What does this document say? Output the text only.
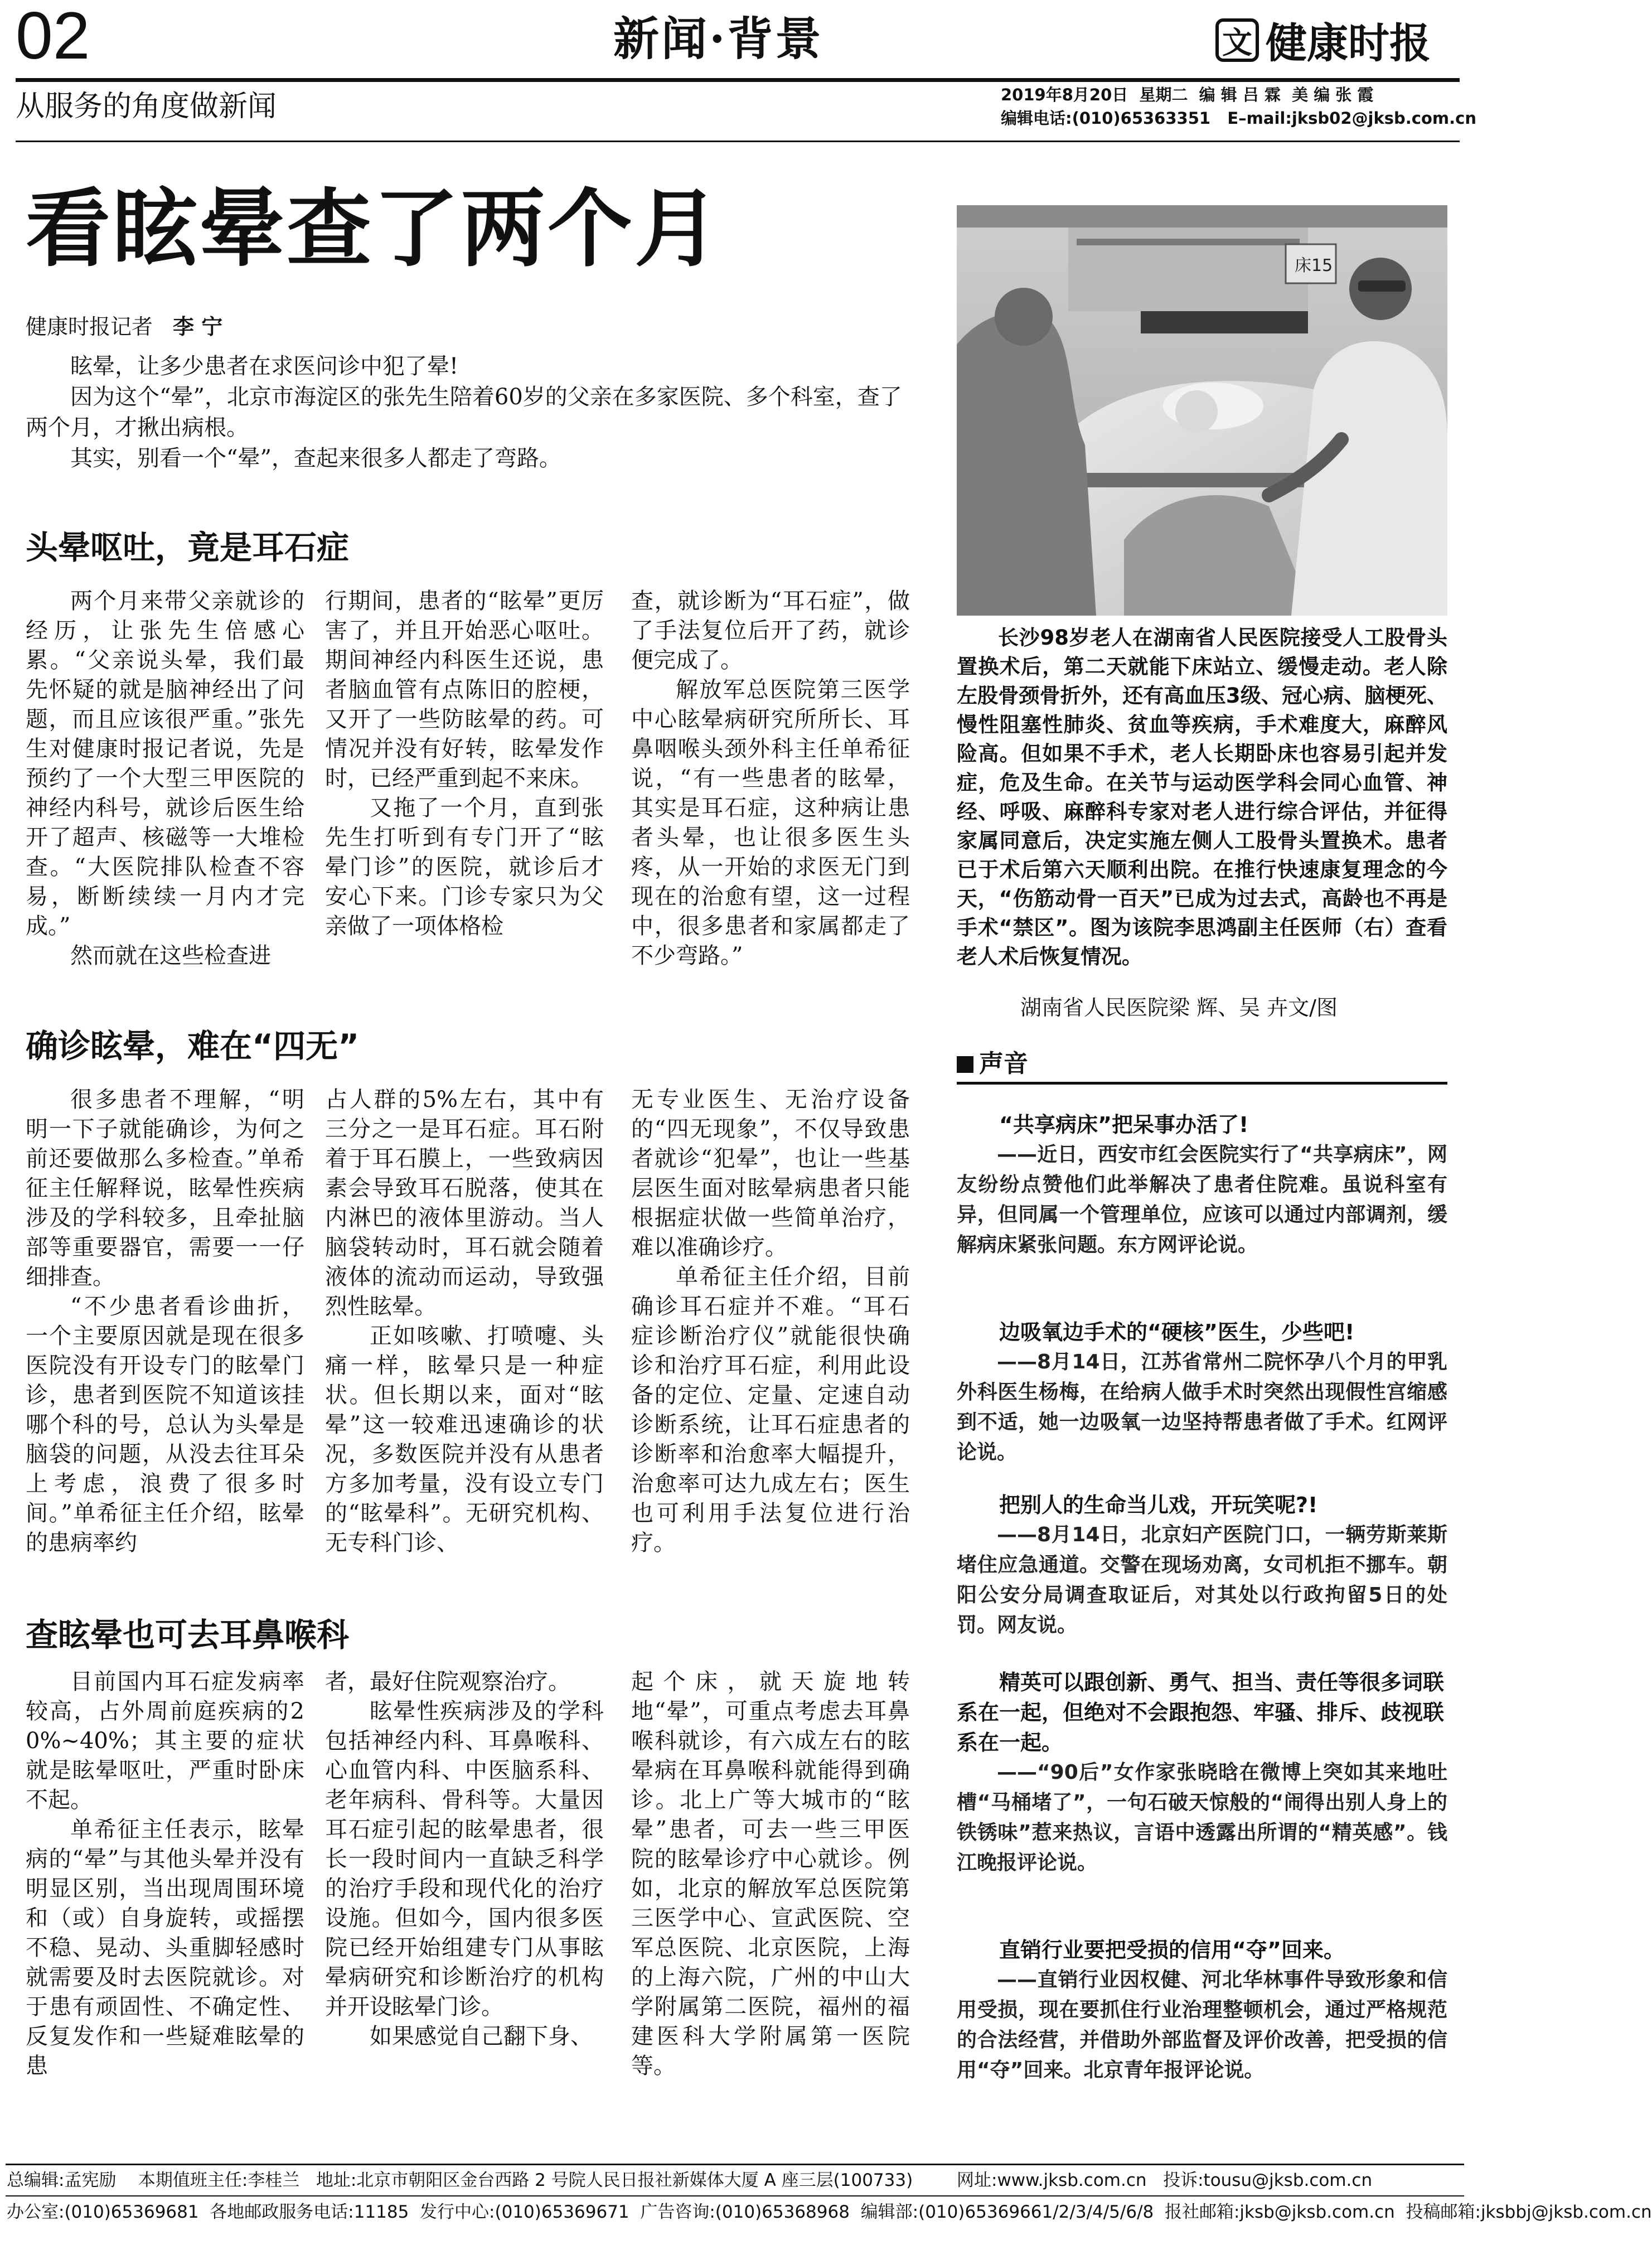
02	新闻·背景	文 健康时报
从服务的角度做新闻	2019年8月20日  星期二  编 辑 吕 霖  美 编 张 霞
编辑电话:(010)65363351   E–mail:jksb02@jksb.com.cn
看眩晕查了两个月
健康时报记者 李 宁

眩晕，让多少患者在求医问诊中犯了晕!

因为这个“晕”，北京市海淀区的张先生陪着60岁的父亲在多家医院、多个科室，查了两个月，才揪出病根。

其实，别看一个“晕”，查起来很多人都走了弯路。

头晕呕吐，竟是耳石症

两个月来带父亲就诊的经历，让张先生倍感心累。“父亲说头晕，我们最先怀疑的就是脑神经出了问题，而且应该很严重。”张先生对健康时报记者说，先是预约了一个大型三甲医院的神经内科号，就诊后医生给开了超声、核磁等一大堆检查。“大医院排队检查不容易，断断续续一月内才完成。”

然而就在这些检查进

行期间，患者的“眩晕”更厉害了，并且开始恶心呕吐。期间神经内科医生还说，患者脑血管有点陈旧的腔梗，又开了一些防眩晕的药。可情况并没有好转，眩晕发作时，已经严重到起不来床。

又拖了一个月，直到张先生打听到有专门开了“眩晕门诊”的医院，就诊后才安心下来。门诊专家只为父亲做了一项体格检

查，就诊断为“耳石症”，做了手法复位后开了药，就诊便完成了。

解放军总医院第三医学中心眩晕病研究所所长、耳鼻咽喉头颈外科主任单希征说，“有一些患者的眩晕，其实是耳石症，这种病让患者头晕，也让很多医生头疼，从一开始的求医无门到现在的治愈有望，这一过程中，很多患者和家属都走了不少弯路。”

确诊眩晕，难在“四无”

很多患者不理解，“明明一下子就能确诊，为何之前还要做那么多检查。”单希征主任解释说，眩晕性疾病涉及的学科较多，且牵扯脑部等重要器官，需要一一仔细排查。

“不少患者看诊曲折，一个主要原因就是现在很多医院没有开设专门的眩晕门诊，患者到医院不知道该挂哪个科的号，总认为头晕是脑袋的问题，从没去往耳朵上考虑，浪费了很多时间。”单希征主任介绍，眩晕的患病率约

占人群的5%左右，其中有三分之一是耳石症。耳石附着于耳石膜上，一些致病因素会导致耳石脱落，使其在内淋巴的液体里游动。当人脑袋转动时，耳石就会随着液体的流动而运动，导致强烈性眩晕。

正如咳嗽、打喷嚏、头痛一样，眩晕只是一种症状。但长期以来，面对“眩晕”这一较难迅速确诊的状况，多数医院并没有从患者方多加考量，没有设立专门的“眩晕科”。无研究机构、无专科门诊、

无专业医生、无治疗设备的“四无现象”，不仅导致患者就诊“犯晕”，也让一些基层医生面对眩晕病患者只能根据症状做一些简单治疗，难以准确诊疗。

单希征主任介绍，目前确诊耳石症并不难。“耳石症诊断治疗仪”就能很快确诊和治疗耳石症，利用此设备的定位、定量、定速自动诊断系统，让耳石症患者的诊断率和治愈率大幅提升，治愈率可达九成左右；医生也可利用手法复位进行治疗。

查眩晕也可去耳鼻喉科

目前国内耳石症发病率较高，占外周前庭疾病的20%~40%；其主要的症状就是眩晕呕吐，严重时卧床不起。

单希征主任表示，眩晕病的“晕”与其他头晕并没有明显区别，当出现周围环境和（或）自身旋转，或摇摆不稳、晃动、头重脚轻感时就需要及时去医院就诊。对于患有顽固性、不确定性、反复发作和一些疑难眩晕的患

者，最好住院观察治疗。

眩晕性疾病涉及的学科包括神经内科、耳鼻喉科、心血管内科、中医脑系科、老年病科、骨科等。大量因耳石症引起的眩晕患者，很长一段时间内一直缺乏科学的治疗手段和现代化的治疗设施。但如今，国内很多医院已经开始组建专门从事眩晕病研究和诊断治疗的机构并开设眩晕门诊。

如果感觉自己翻下身、

起个床，就天旋地转地“晕”，可重点考虑去耳鼻喉科就诊，有六成左右的眩晕病在耳鼻喉科就能得到确诊。北上广等大城市的“眩晕”患者，可去一些三甲医院的眩晕诊疗中心就诊。例如，北京的解放军总医院第三医学中心、宣武医院、空军总医院、北京医院，上海的上海六院，广州的中山大学附属第二医院，福州的福建医科大学附属第一医院等。

床15

长沙98岁老人在湖南省人民医院接受人工股骨头置换术后，第二天就能下床站立、缓慢走动。老人除左股骨颈骨折外，还有高血压3级、冠心病、脑梗死、慢性阻塞性肺炎、贫血等疾病，手术难度大，麻醉风险高。但如果不手术，老人长期卧床也容易引起并发症，危及生命。在关节与运动医学科会同心血管、神经、呼吸、麻醉科专家对老人进行综合评估，并征得家属同意后，决定实施左侧人工股骨头置换术。患者已于术后第六天顺利出院。在推行快速康复理念的今天，“伤筋动骨一百天”已成为过去式，高龄也不再是手术“禁区”。图为该院李思鸿副主任医师（右）查看老人术后恢复情况。

湖南省人民医院梁 辉、吴 卉文/图
声音
“共享病床”把呆事办活了!
——近日，西安市红会医院实行了“共享病床”，网友纷纷点赞他们此举解决了患者住院难。虽说科室有异，但同属一个管理单位，应该可以通过内部调剂，缓解病床紧张问题。东方网评论说。
边吸氧边手术的“硬核”医生，少些吧!
——8月14日，江苏省常州二院怀孕八个月的甲乳外科医生杨梅，在给病人做手术时突然出现假性宫缩感到不适，她一边吸氧一边坚持帮患者做了手术。红网评论说。
把别人的生命当儿戏，开玩笑呢?!
——8月14日，北京妇产医院门口，一辆劳斯莱斯堵住应急通道。交警在现场劝离，女司机拒不挪车。朝阳公安分局调查取证后，对其处以行政拘留5日的处罚。网友说。
精英可以跟创新、勇气、担当、责任等很多词联系在一起，但绝对不会跟抱怨、牢骚、排斥、歧视联系在一起。
——“90后”女作家张晓晗在微博上突如其来地吐槽“马桶堵了”，一句石破天惊般的“闹得出别人身上的铁锈味”惹来热议，言语中透露出所谓的“精英感”。钱江晚报评论说。
直销行业要把受损的信用“夺”回来。
——直销行业因权健、河北华林事件导致形象和信用受损，现在要抓住行业治理整顿机会，通过严格规范的合法经营，并借助外部监督及评价改善，把受损的信用“夺”回来。北京青年报评论说。
总编辑:孟宪励    本期值班主任:李桂兰   地址:北京市朝阳区金台西路 2 号院人民日报社新媒体大厦 A 座三层(100733)        网址:www.jksb.com.cn   投诉:tousu@jksb.com.cn
办公室:(010)65369681  各地邮政服务电话:11185  发行中心:(010)65369671  广告咨询:(010)65368968  编辑部:(010)65369661/2/3/4/5/6/8  报社邮箱:jksb@jksb.com.cn  投稿邮箱:jksbbj@jksb.com.cn
